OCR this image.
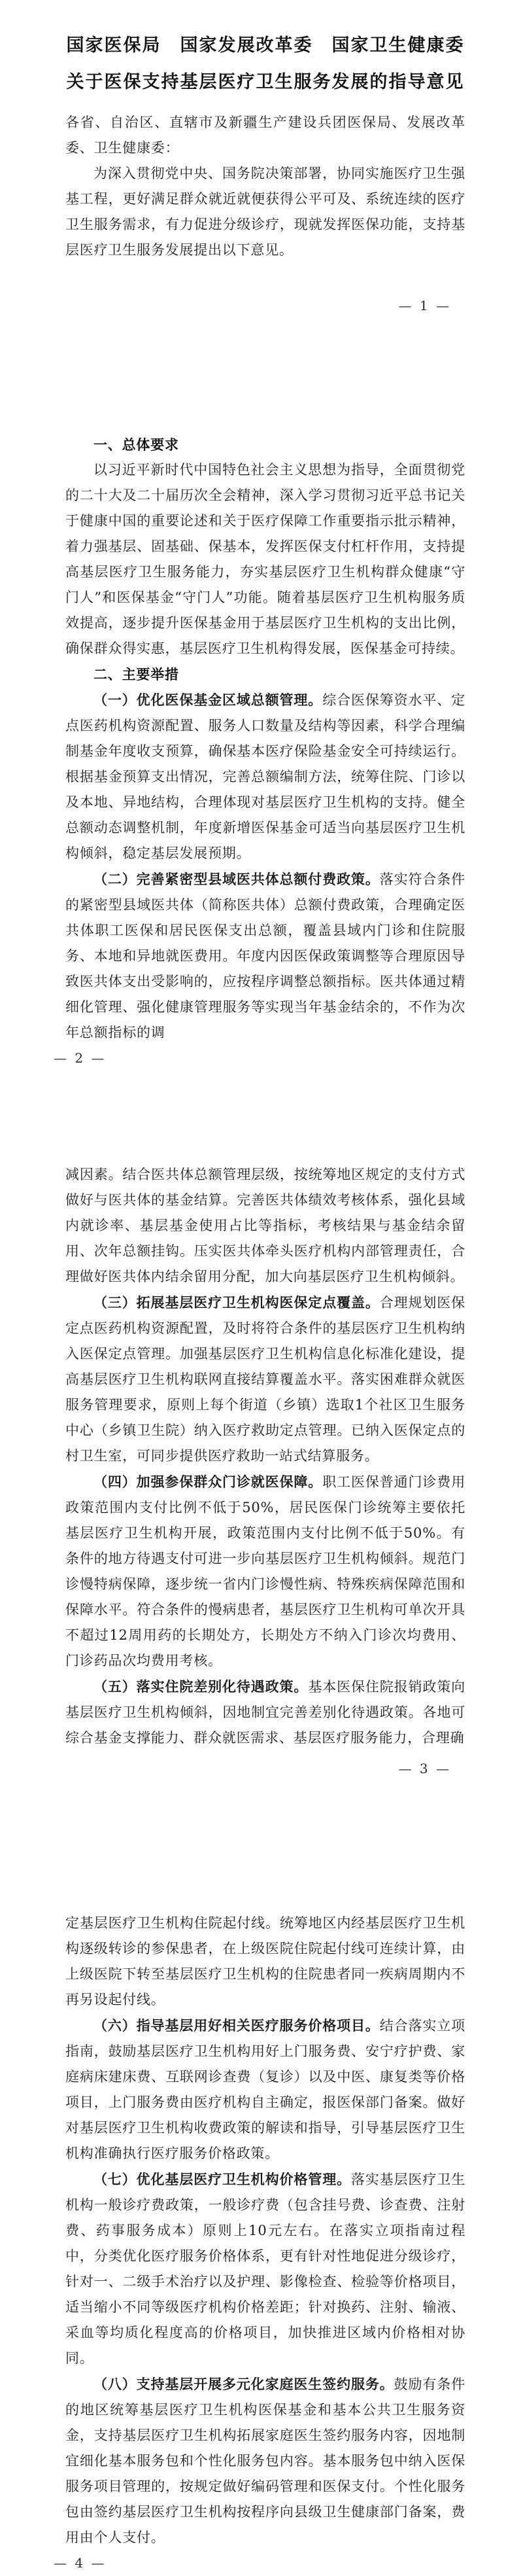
国家医保局　国家发展改革委　国家卫生健康委
关于医保支持基层医疗卫生服务发展的指导意见
各省、自治区、直辖市及新疆生产建设兵团医保局、发展改革委、卫生健康委：
为深入贯彻党中央、国务院决策部署，协同实施医疗卫生强基工程，更好满足群众就近就便获得公平可及、系统连续的医疗卫生服务需求，有力促进分级诊疗，现就发挥医保功能，支持基层医疗卫生服务发展提出以下意见。
— 1 —
一、总体要求
以习近平新时代中国特色社会主义思想为指导，全面贯彻党的二十大及二十届历次全会精神，深入学习贯彻习近平总书记关于健康中国的重要论述和关于医疗保障工作重要指示批示精神，着力强基层、固基础、保基本，发挥医保支付杠杆作用，支持提高基层医疗卫生服务能力，夯实基层医疗卫生机构群众健康“守门人”和医保基金“守门人”功能。随着基层医疗卫生机构服务质效提高，逐步提升医保基金用于基层医疗卫生机构的支出比例，确保群众得实惠，基层医疗卫生机构得发展，医保基金可持续。
二、主要举措
（一）优化医保基金区域总额管理。综合医保筹资水平、定点医药机构资源配置、服务人口数量及结构等因素，科学合理编制基金年度收支预算，确保基本医疗保险基金安全可持续运行。根据基金预算支出情况，完善总额编制方法，统筹住院、门诊以及本地、异地结构，合理体现对基层医疗卫生机构的支持。健全总额动态调整机制，年度新增医保基金可适当向基层医疗卫生机构倾斜，稳定基层发展预期。
（二）完善紧密型县域医共体总额付费政策。落实符合条件的紧密型县域医共体（简称医共体）总额付费政策，合理确定医共体职工医保和居民医保支出总额，覆盖县域内门诊和住院服务、本地和异地就医费用。年度内因医保政策调整等合理原因导致医共体支出受影响的，应按程序调整总额指标。医共体通过精细化管理、强化健康管理服务等实现当年基金结余的，不作为次年总额指标的调
— 2 —
减因素。结合医共体总额管理层级，按统筹地区规定的支付方式做好与医共体的基金结算。完善医共体绩效考核体系，强化县域内就诊率、基层基金使用占比等指标，考核结果与基金结余留用、次年总额挂钩。压实医共体牵头医疗机构内部管理责任，合理做好医共体内结余留用分配，加大向基层医疗卫生机构倾斜。
（三）拓展基层医疗卫生机构医保定点覆盖。合理规划医保定点医药机构资源配置，及时将符合条件的基层医疗卫生机构纳入医保定点管理。加强基层医疗卫生机构信息化标准化建设，提高基层医疗卫生机构联网直接结算覆盖水平。落实困难群众就医服务管理要求，原则上每个街道（乡镇）选取1个社区卫生服务中心（乡镇卫生院）纳入医疗救助定点管理。已纳入医保定点的村卫生室，可同步提供医疗救助一站式结算服务。
（四）加强参保群众门诊就医保障。职工医保普通门诊费用政策范围内支付比例不低于50%，居民医保门诊统筹主要依托基层医疗卫生机构开展，政策范围内支付比例不低于50%。有条件的地方待遇支付可进一步向基层医疗卫生机构倾斜。规范门诊慢特病保障，逐步统一省内门诊慢性病、特殊疾病保障范围和保障水平。符合条件的慢病患者，基层医疗卫生机构可单次开具不超过12周用药的长期处方，长期处方不纳入门诊次均费用、门诊药品次均费用考核。
（五）落实住院差别化待遇政策。基本医保住院报销政策向基层医疗卫生机构倾斜，因地制宜完善差别化待遇政策。各地可综合基金支撑能力、群众就医需求、基层医疗服务能力，合理确
— 3 —
定基层医疗卫生机构住院起付线。统筹地区内经基层医疗卫生机构逐级转诊的参保患者，在上级医院住院起付线可连续计算，由上级医院下转至基层医疗卫生机构的住院患者同一疾病周期内不再另设起付线。
（六）指导基层用好相关医疗服务价格项目。结合落实立项指南，鼓励基层医疗卫生机构用好上门服务费、安宁疗护费、家庭病床建床费、互联网诊查费（复诊）以及中医、康复类等价格项目，上门服务费由医疗机构自主确定，报医保部门备案。做好对基层医疗卫生机构收费政策的解读和指导，引导基层医疗卫生机构准确执行医疗服务价格政策。
（七）优化基层医疗卫生机构价格管理。落实基层医疗卫生机构一般诊疗费政策，一般诊疗费（包含挂号费、诊查费、注射费、药事服务成本）原则上10元左右。在落实立项指南过程中，分类优化医疗服务价格体系，更有针对性地促进分级诊疗，针对一、二级手术治疗以及护理、影像检查、检验等价格项目，适当缩小不同等级医疗机构价格差距；针对换药、注射、输液、采血等均质化程度高的价格项目，加快推进区域内价格相对协同。
（八）支持基层开展多元化家庭医生签约服务。鼓励有条件的地区统筹基层医疗卫生机构医保基金和基本公共卫生服务资金，支持基层医疗卫生机构拓展家庭医生签约服务内容，因地制宜细化基本服务包和个性化服务包内容。基本服务包中纳入医保服务项目管理的，按规定做好编码管理和医保支付。个性化服务包由签约基层医疗卫生机构按程序向县级卫生健康部门备案，费用由个人支付。
— 4 —
